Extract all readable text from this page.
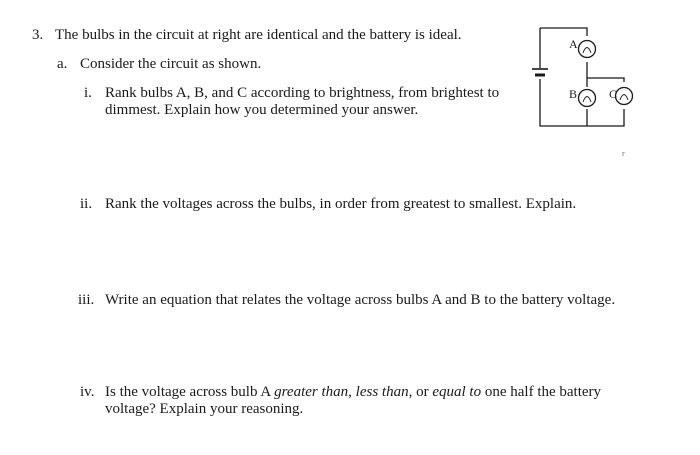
3. The bulbs in the circuit at right are identical and the battery is ideal.
a. Consider the circuit as shown.
i. Rank bulbs A, B, and C according to brightness, from brightest to
dimmest. Explain how you determined your answer.
ii. Rank the voltages across the bulbs, in order from greatest to smallest. Explain.
iii. Write an equation that relates the voltage across bulbs A and B to the battery voltage.
iv. Is the voltage across bulb A greater than, less than, or equal to one half the battery
voltage? Explain your reasoning.
A
B	C
r
